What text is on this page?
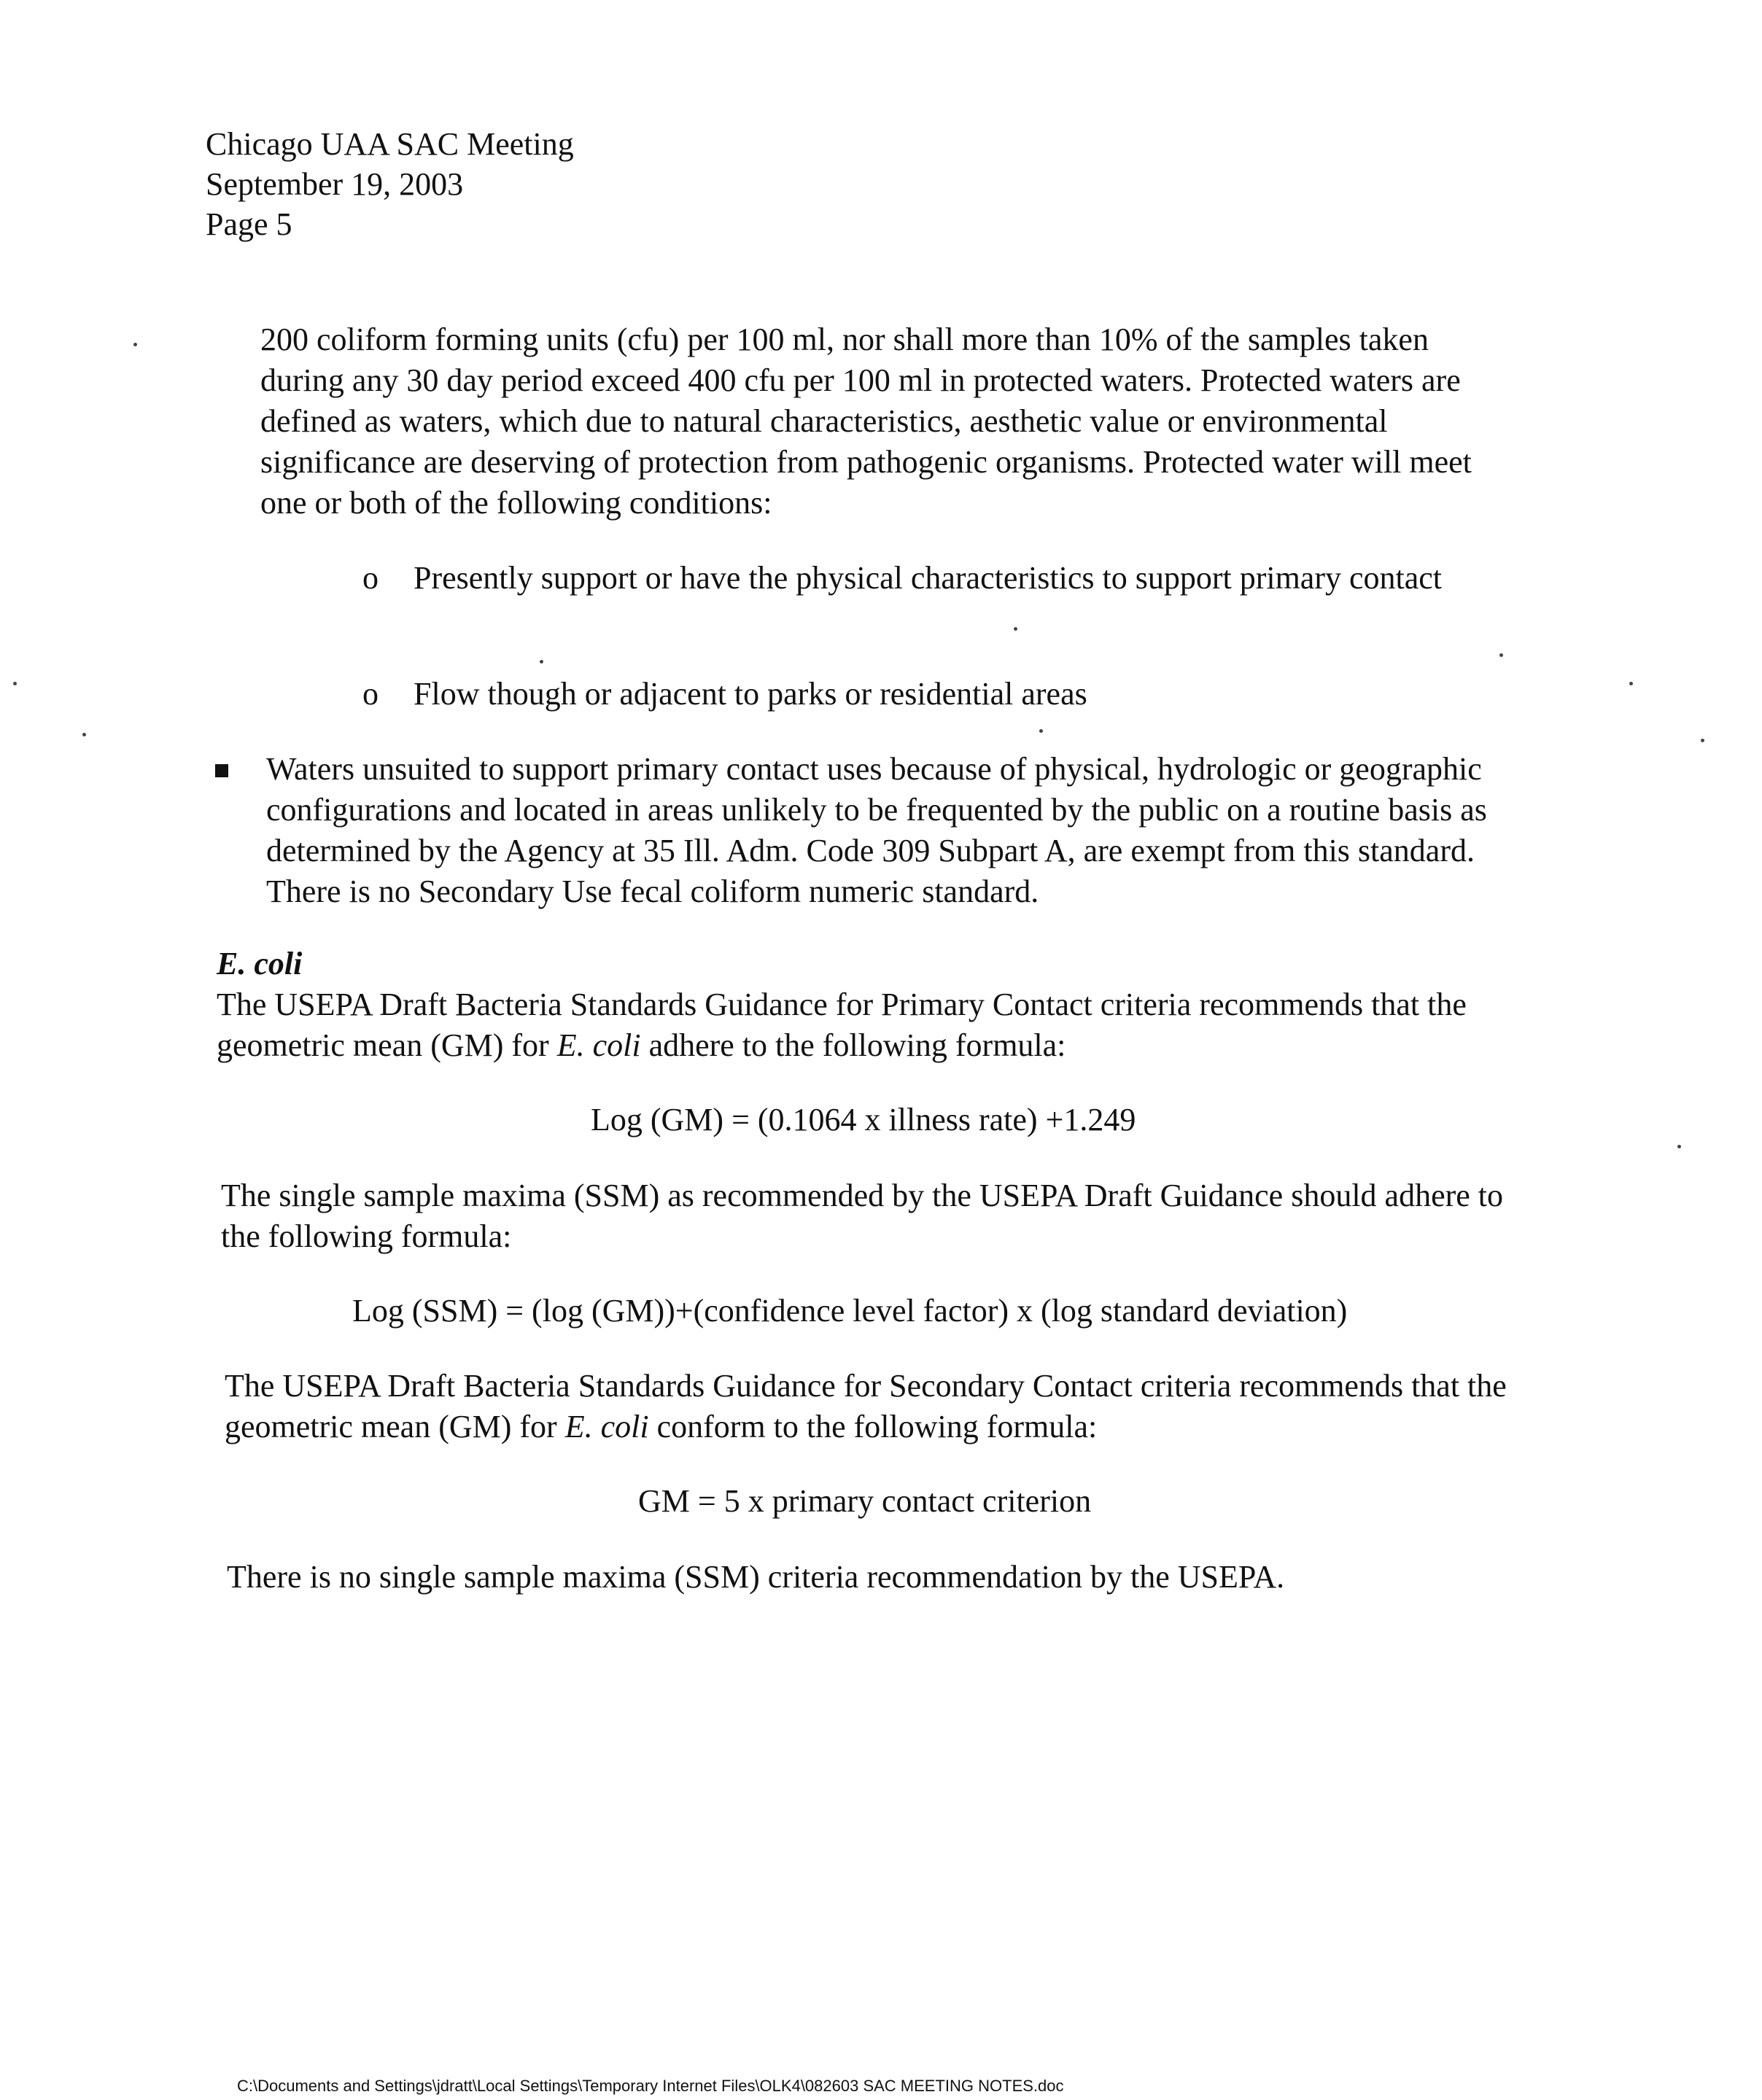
Chicago UAA SAC Meeting
September 19, 2003
Page 5

200 coliform forming units (cfu) per 100 ml, nor shall more than 10% of the samples taken during any 30 day period exceed 400 cfu per 100 ml in protected waters. Protected waters are defined as waters, which due to natural characteristics, aesthetic value or environmental significance are deserving of protection from pathogenic organisms. Protected water will meet one or both of the following conditions:

o	Presently support or have the physical characteristics to support primary contact
o	Flow though or adjacent to parks or residential areas
Waters unsuited to support primary contact uses because of physical, hydrologic or geographic configurations and located in areas unlikely to be frequented by the public on a routine basis as determined by the Agency at 35 Ill. Adm. Code 309 Subpart A, are exempt from this standard. There is no Secondary Use fecal coliform numeric standard.
E. coli

The USEPA Draft Bacteria Standards Guidance for Primary Contact criteria recommends that the geometric mean (GM) for E. coli adhere to the following formula:

Log (GM) = (0.1064 x illness rate) +1.249

The single sample maxima (SSM) as recommended by the USEPA Draft Guidance should adhere to the following formula:

Log (SSM) = (log (GM))+(confidence level factor) x (log standard deviation)

The USEPA Draft Bacteria Standards Guidance for Secondary Contact criteria recommends that the geometric mean (GM) for E. coli conform to the following formula:

GM = 5 x primary contact criterion

There is no single sample maxima (SSM) criteria recommendation by the USEPA.

C:\Documents and Settings\jdratt\Local Settings\Temporary Internet Files\OLK4\082603 SAC MEETING NOTES.doc
